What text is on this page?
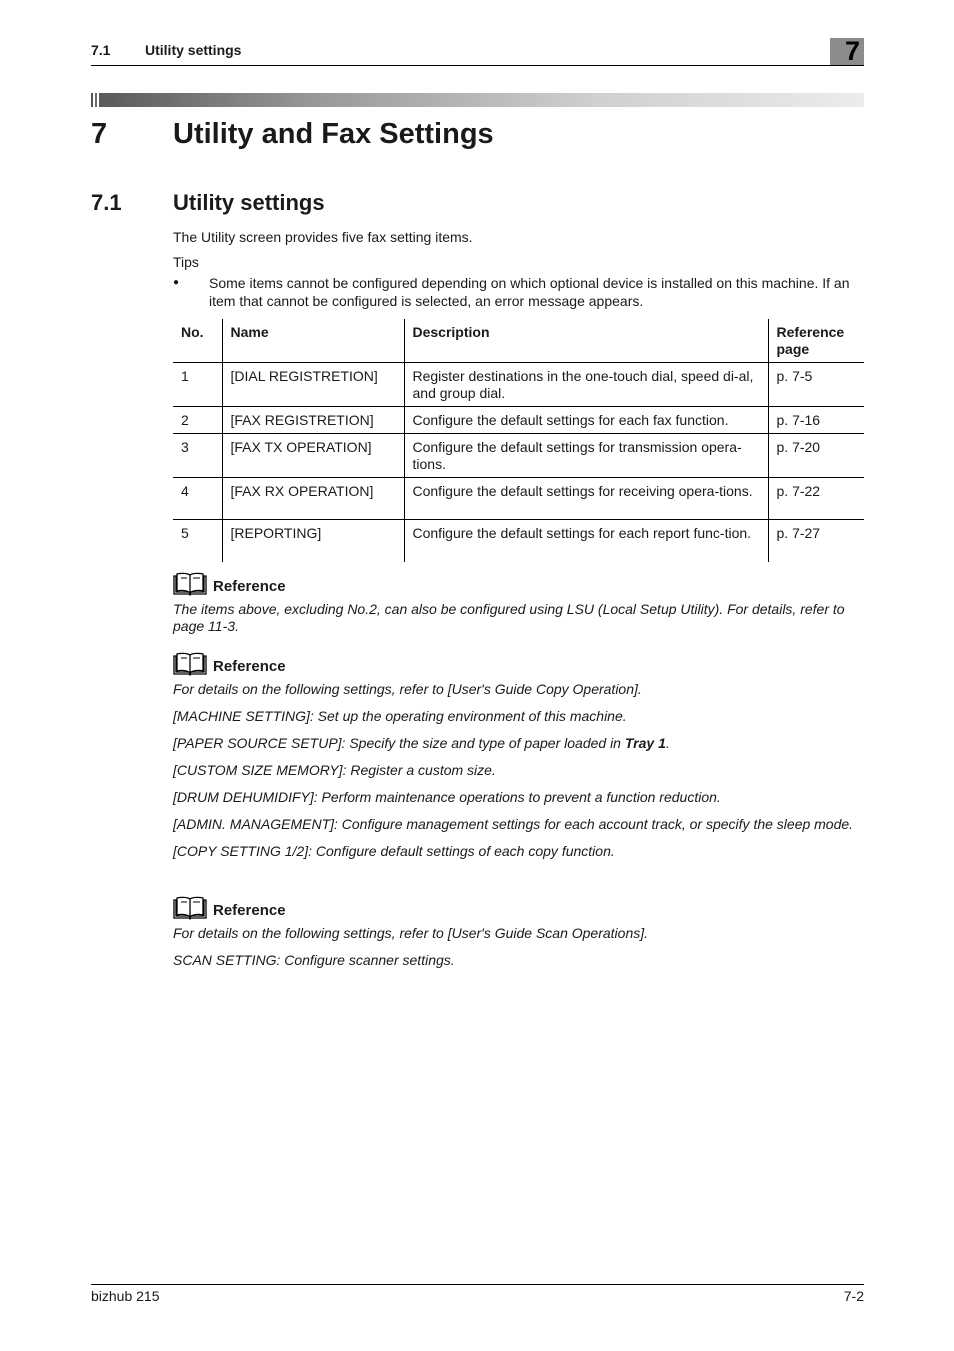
7.1 Utility settings	7
7 Utility and Fax Settings
7.1 Utility settings

The Utility screen provides five fax setting items.

Tips

● Some items cannot be configured depending on which optional device is installed on this machine. If an item that cannot be configured is selected, an error message appears.
No.	Name	Description	Reference page
1	[DIAL REGISTRETION]	Register destinations in the one-touch dial, speed di-al, and group dial.	p. 7-5
2	[FAX REGISTRETION]	Configure the default settings for each fax function.	p. 7-16
3	[FAX TX OPERATION]	Configure the default settings for transmission opera-tions.	p. 7-20
4	[FAX RX OPERATION]	Configure the default settings for receiving opera-tions.	p. 7-22
5	[REPORTING]	Configure the default settings for each report func-tion.	p. 7-27
Reference

The items above, excluding No.2, can also be configured using LSU (Local Setup Utility). For details, refer to page 11-3.

Reference

For details on the following settings, refer to [User's Guide Copy Operation].

[MACHINE SETTING]: Set up the operating environment of this machine.

[PAPER SOURCE SETUP]: Specify the size and type of paper loaded in Tray 1.

[CUSTOM SIZE MEMORY]: Register a custom size.

[DRUM DEHUMIDIFY]: Perform maintenance operations to prevent a function reduction.

[ADMIN. MANAGEMENT]: Configure management settings for each account track, or specify the sleep mode.

[COPY SETTING 1/2]: Configure default settings of each copy function.

Reference

For details on the following settings, refer to [User's Guide Scan Operations].

SCAN SETTING: Configure scanner settings.

bizhub 215	7-2
